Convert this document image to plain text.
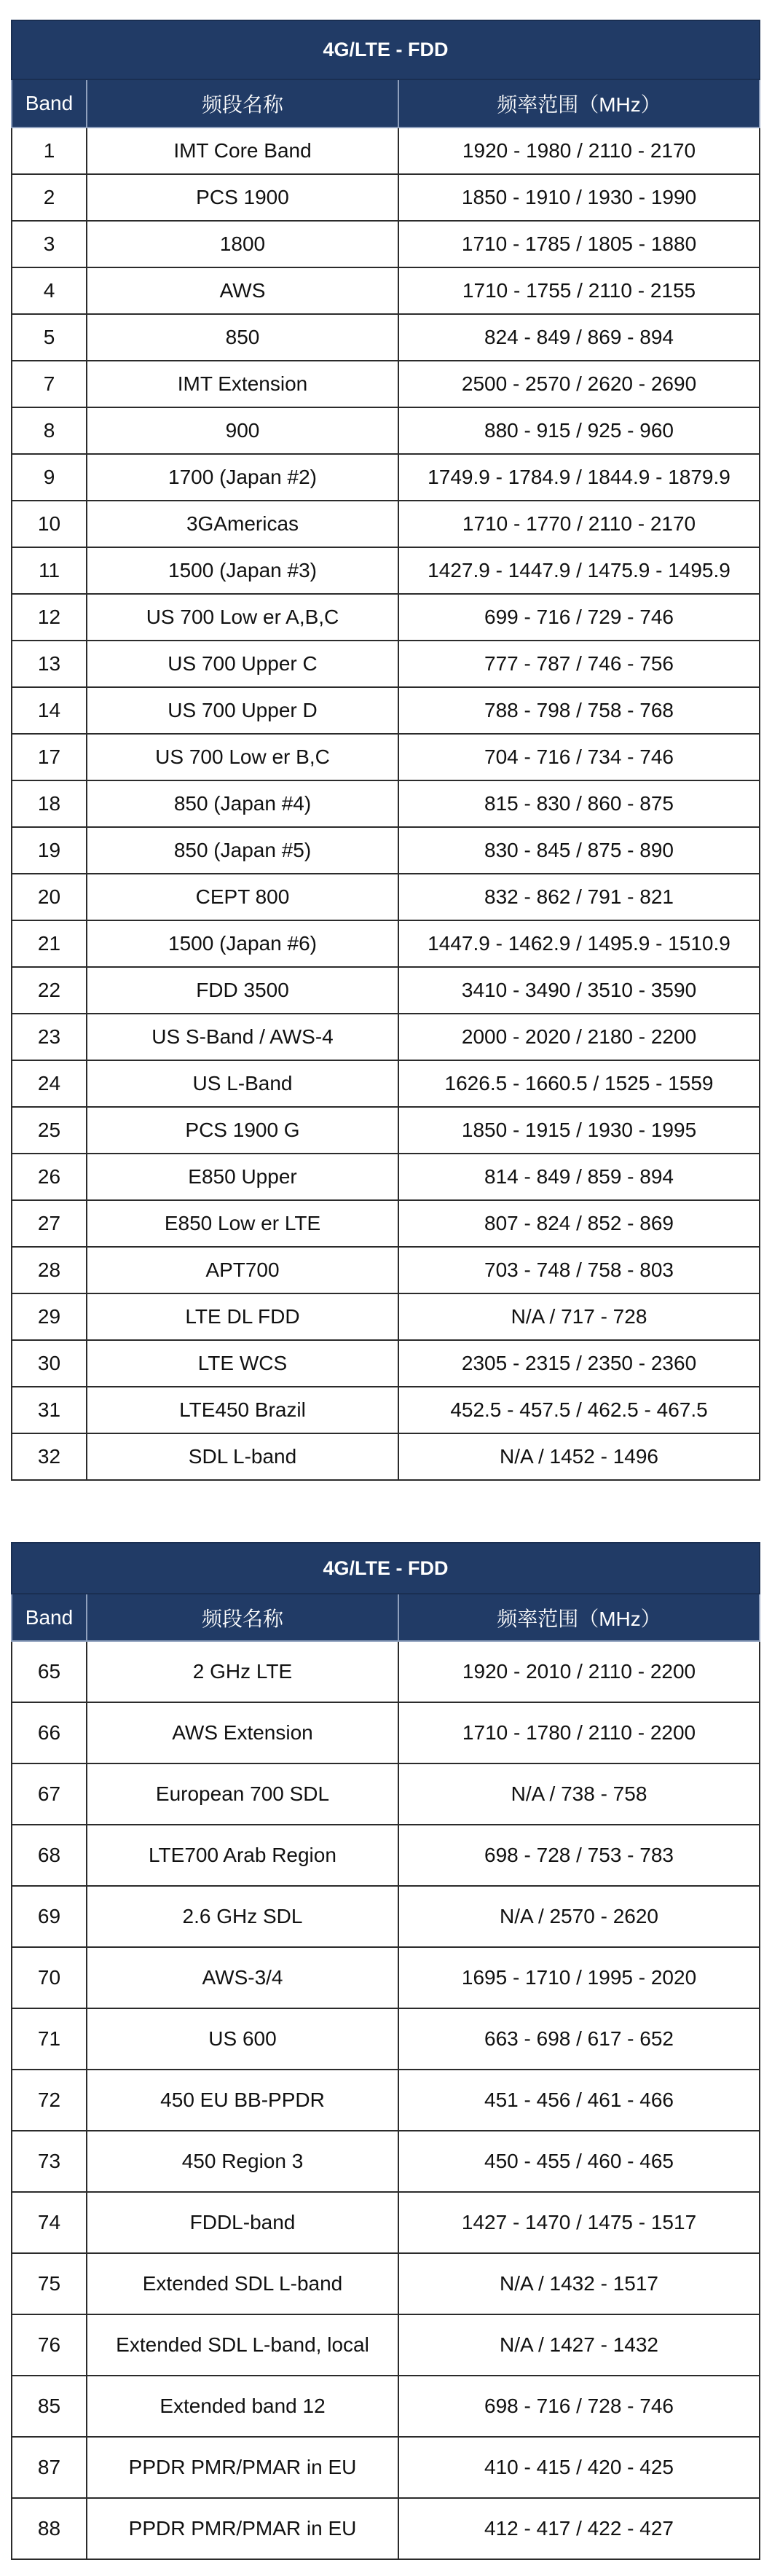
4G/LTE - FDD		
Band	频段名称	频率范围（MHz）
1	IMT Core Band	1920 - 1980 / 2110 - 2170
2	PCS 1900	1850 - 1910 / 1930 - 1990
3	1800	1710 - 1785 / 1805 - 1880
4	AWS	1710 - 1755 / 2110 - 2155
5	850	824 - 849 / 869 - 894
7	IMT Extension	2500 - 2570 / 2620 - 2690
8	900	880 - 915 / 925 - 960
9	1700 (Japan #2)	1749.9 - 1784.9 / 1844.9 - 1879.9
10	3GAmericas	1710 - 1770 / 2110 - 2170
11	1500 (Japan #3)	1427.9 - 1447.9 / 1475.9 - 1495.9
12	US 700 Low er A,B,C	699 - 716 / 729 - 746
13	US 700 Upper C	777 - 787 / 746 - 756
14	US 700 Upper D	788 - 798 / 758 - 768
17	US 700 Low er B,C	704 - 716 / 734 - 746
18	850 (Japan #4)	815 - 830 / 860 - 875
19	850 (Japan #5)	830 - 845 / 875 - 890
20	CEPT 800	832 - 862 / 791 - 821
21	1500 (Japan #6)	1447.9 - 1462.9 / 1495.9 - 1510.9
22	FDD 3500	3410 - 3490 / 3510 - 3590
23	US S-Band / AWS-4	2000 - 2020 / 2180 - 2200
24	US L-Band	1626.5 - 1660.5 / 1525 - 1559
25	PCS 1900 G	1850 - 1915 / 1930 - 1995
26	E850 Upper	814 - 849 / 859 - 894
27	E850 Low er LTE	807 - 824 / 852 - 869
28	APT700	703 - 748 / 758 - 803
29	LTE DL FDD	N/A / 717 - 728
30	LTE WCS	2305 - 2315 / 2350 - 2360
31	LTE450 Brazil	452.5 - 457.5 / 462.5 - 467.5
32	SDL L-band	N/A / 1452 - 1496
4G/LTE - FDD		
Band	频段名称	频率范围（MHz）
65	2 GHz LTE	1920 - 2010 / 2110 - 2200
66	AWS Extension	1710 - 1780 / 2110 - 2200
67	European 700 SDL	N/A / 738 - 758
68	LTE700 Arab Region	698 - 728 / 753 - 783
69	2.6 GHz SDL	N/A / 2570 - 2620
70	AWS-3/4	1695 - 1710 / 1995 - 2020
71	US 600	663 - 698 / 617 - 652
72	450 EU BB-PPDR	451 - 456 / 461 - 466
73	450 Region 3	450 - 455 / 460 - 465
74	FDDL-band	1427 - 1470 / 1475 - 1517
75	Extended SDL L-band	N/A / 1432 - 1517
76	Extended SDL L-band, local	N/A / 1427 - 1432
85	Extended band 12	698 - 716 / 728 - 746
87	PPDR PMR/PMAR in EU	410 - 415 / 420 - 425
88	PPDR PMR/PMAR in EU	412 - 417 / 422 - 427
